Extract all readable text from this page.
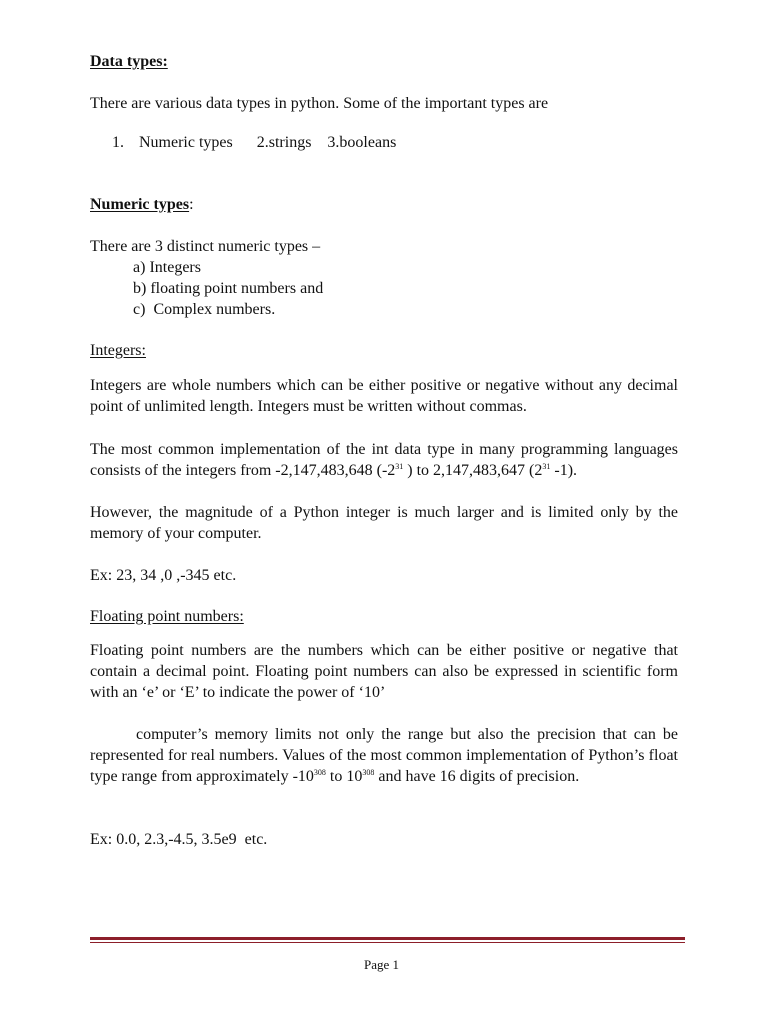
Data types:

There are various data types in python. Some of the important types are

1. Numeric types      2.strings    3.booleans

Numeric types:

There are 3 distinct numeric types –

a) Integers
b) floating point numbers and
c)  Complex numbers.

Integers:

Integers are whole numbers which can be either positive or negative without any decimal point of unlimited length. Integers must be written without commas.

The most common implementation of the int data type in many programming languages consists of the integers from -2,147,483,648 ($-2^{31}$ ) to 2,147,483,647 ($2^{31}$ -1).

However, the magnitude of a Python integer is much larger and is limited only by the memory of your computer.

Ex: 23, 34 ,0 ,-345 etc.

Floating point numbers:

Floating point numbers are the numbers which can be either positive or negative that contain a decimal point. Floating point numbers can also be expressed in scientific form with an ‘e’ or ‘E’ to indicate the power of ‘10’

computer’s memory limits not only the range but also the precision that can be represented for real numbers. Values of the most common implementation of Python’s float type range from approximately $-10^{308}$ to $10^{308}$ and have 16 digits of precision.

Ex: 0.0, 2.3,-4.5, 3.5e9  etc.

Page 1
